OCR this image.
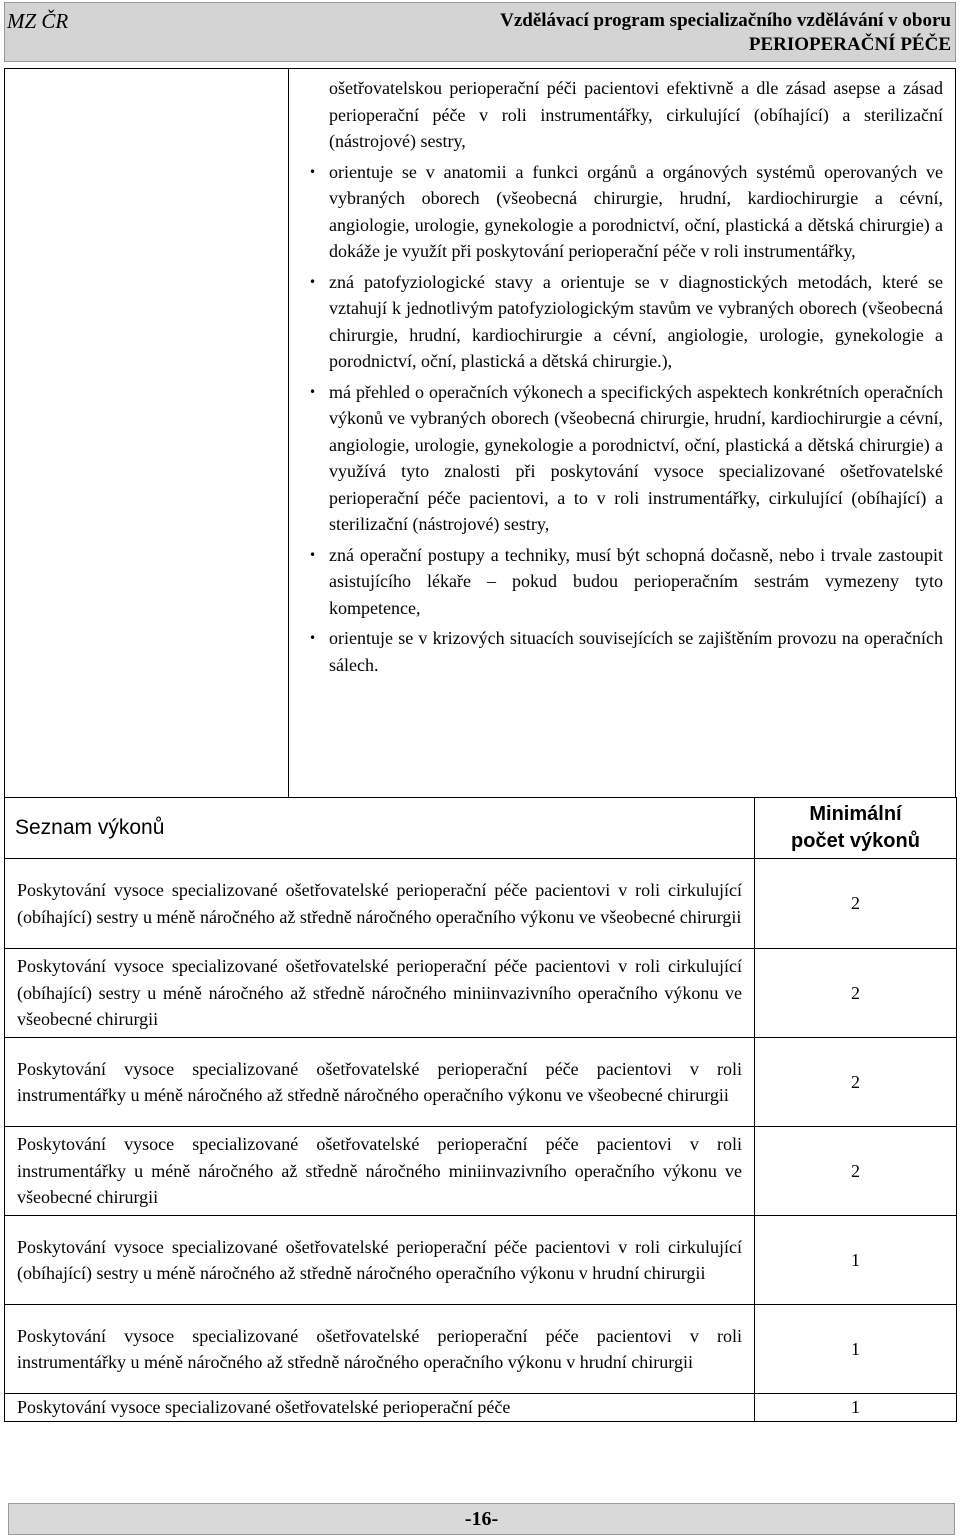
MZ ČR	Vzdělávací program specializačního vzdělávání v oboru
PERIOPERAČNÍ PÉČE

ošetřovatelskou perioperační péči pacientovi efektivně a dle zásad asepse a zásad perioperační péče v roli instrumentářky, cirkulující (obíhající) a sterilizační (nástrojové) sestry,

• orientuje se v anatomii a funkci orgánů a orgánových systémů operovaných ve vybraných oborech (všeobecná chirurgie, hrudní, kardiochirurgie a cévní, angiologie, urologie, gynekologie a porodnictví, oční, plastická a dětská chirurgie) a dokáže je využít při poskytování perioperační péče v roli instrumentářky,
• zná patofyziologické stavy a orientuje se v diagnostických metodách, které se vztahují k jednotlivým patofyziologickým stavům ve vybraných oborech (všeobecná chirurgie, hrudní, kardiochirurgie a cévní, angiologie, urologie, gynekologie a porodnictví, oční, plastická a dětská chirurgie.),
• má přehled o operačních výkonech a specifických aspektech konkrétních operačních výkonů ve vybraných oborech (všeobecná chirurgie, hrudní, kardiochirurgie a cévní, angiologie, urologie, gynekologie a porodnictví, oční, plastická a dětská chirurgie) a využívá tyto znalosti při poskytování vysoce specializované ošetřovatelské perioperační péče pacientovi, a to v roli instrumentářky, cirkulující (obíhající) a sterilizační (nástrojové) sestry,
• zná operační postupy a techniky, musí být schopná dočasně, nebo i trvale zastoupit asistujícího lékaře – pokud budou perioperačním sestrám vymezeny tyto kompetence,
• orientuje se v krizových situacích souvisejících se zajištěním provozu na operačních sálech.
Seznam výkonů	Minimální
počet výkonů

Poskytování vysoce specializované ošetřovatelské perioperační péče pacientovi v roli cirkulující (obíhající) sestry u méně náročného až středně náročného operačního výkonu ve všeobecné chirurgii	2
Poskytování vysoce specializované ošetřovatelské perioperační péče pacientovi v roli cirkulující (obíhající) sestry u méně náročného až středně náročného miniinvazivního operačního výkonu ve všeobecné chirurgii	2
Poskytování vysoce specializované ošetřovatelské perioperační péče pacientovi v roli instrumentářky u méně náročného až středně náročného operačního výkonu ve všeobecné chirurgii	2
Poskytování vysoce specializované ošetřovatelské perioperační péče pacientovi v roli instrumentářky u méně náročného až středně náročného miniinvazivního operačního výkonu ve všeobecné chirurgii	2
Poskytování vysoce specializované ošetřovatelské perioperační péče pacientovi v roli cirkulující (obíhající) sestry u méně náročného až středně náročného operačního výkonu v hrudní chirurgii	1
Poskytování vysoce specializované ošetřovatelské perioperační péče pacientovi v roli instrumentářky u méně náročného až středně náročného operačního výkonu v hrudní chirurgii	1
Poskytování vysoce specializované ošetřovatelské perioperační péče	1
-16-
